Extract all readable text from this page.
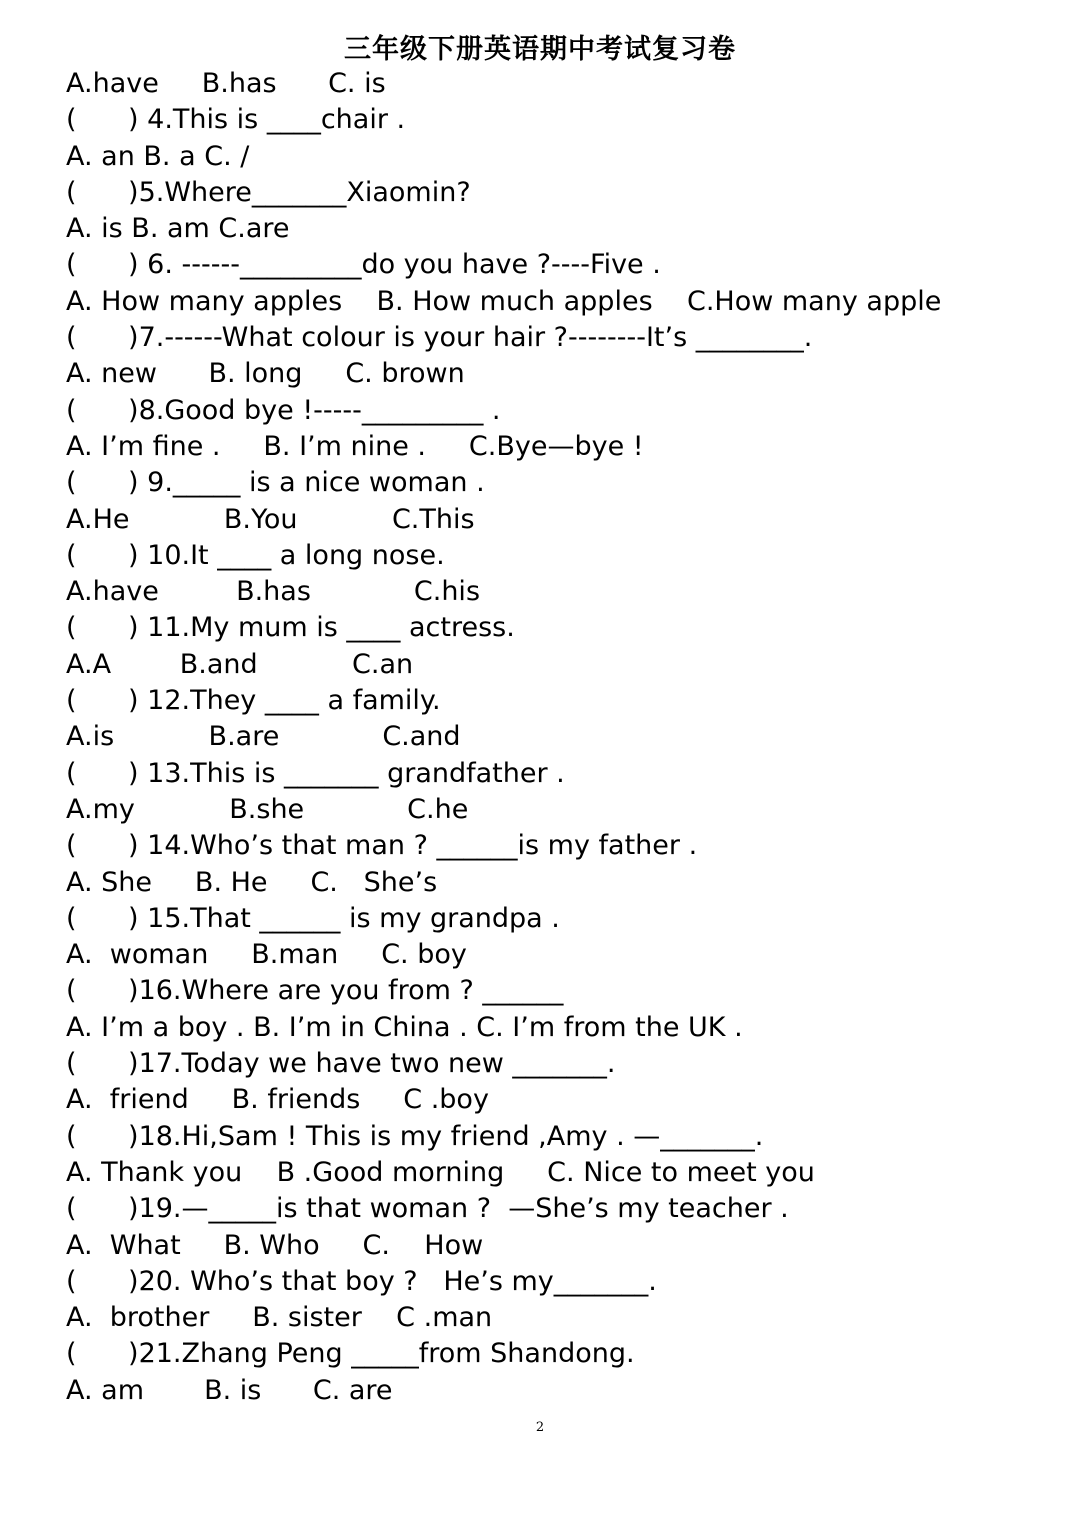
三年级下册英语期中考试复习卷
A.have     B.has      C. is
(      ) 4.This is ____chair .
A. an B. a C. /
(      )5.Where_______Xiaomin?
A. is B. am C.are
(      ) 6. ------_________do you have ?----Five .
A. How many apples    B. How much apples    C.How many apple
(      )7.------What colour is your hair ?--------It’s ________.
A. new      B. long     C. brown
(      )8.Good bye !-----_________ .
A. I’m fine .     B. I’m nine .     C.Bye—bye !
(      ) 9._____ is a nice woman .
A.He           B.You           C.This
(      ) 10.It ____ a long nose.
A.have         B.has            C.his
(      ) 11.My mum is ____ actress.
A.A        B.and           C.an
(      ) 12.They ____ a family.
A.is           B.are            C.and
(      ) 13.This is _______ grandfather .
A.my           B.she            C.he
(      ) 14.Who’s that man ? ______is my father .
A. She     B. He     C.   She’s
(      ) 15.That ______ is my grandpa .
A.  woman     B.man     C. boy
(      )16.Where are you from ? ______
A. I’m a boy . B. I’m in China . C. I’m from the UK .
(      )17.Today we have two new _______.
A.  friend     B. friends     C .boy
(      )18.Hi,Sam ! This is my friend ,Amy . —_______.
A. Thank you    B .Good morning     C. Nice to meet you
(      )19.—_____is that woman ?  —She’s my teacher .
A.  What     B. Who     C.    How
(      )20. Who’s that boy ?   He’s my_______.
A.  brother     B. sister    C .man
(      )21.Zhang Peng _____from Shandong.
A. am       B. is      C. are
2
